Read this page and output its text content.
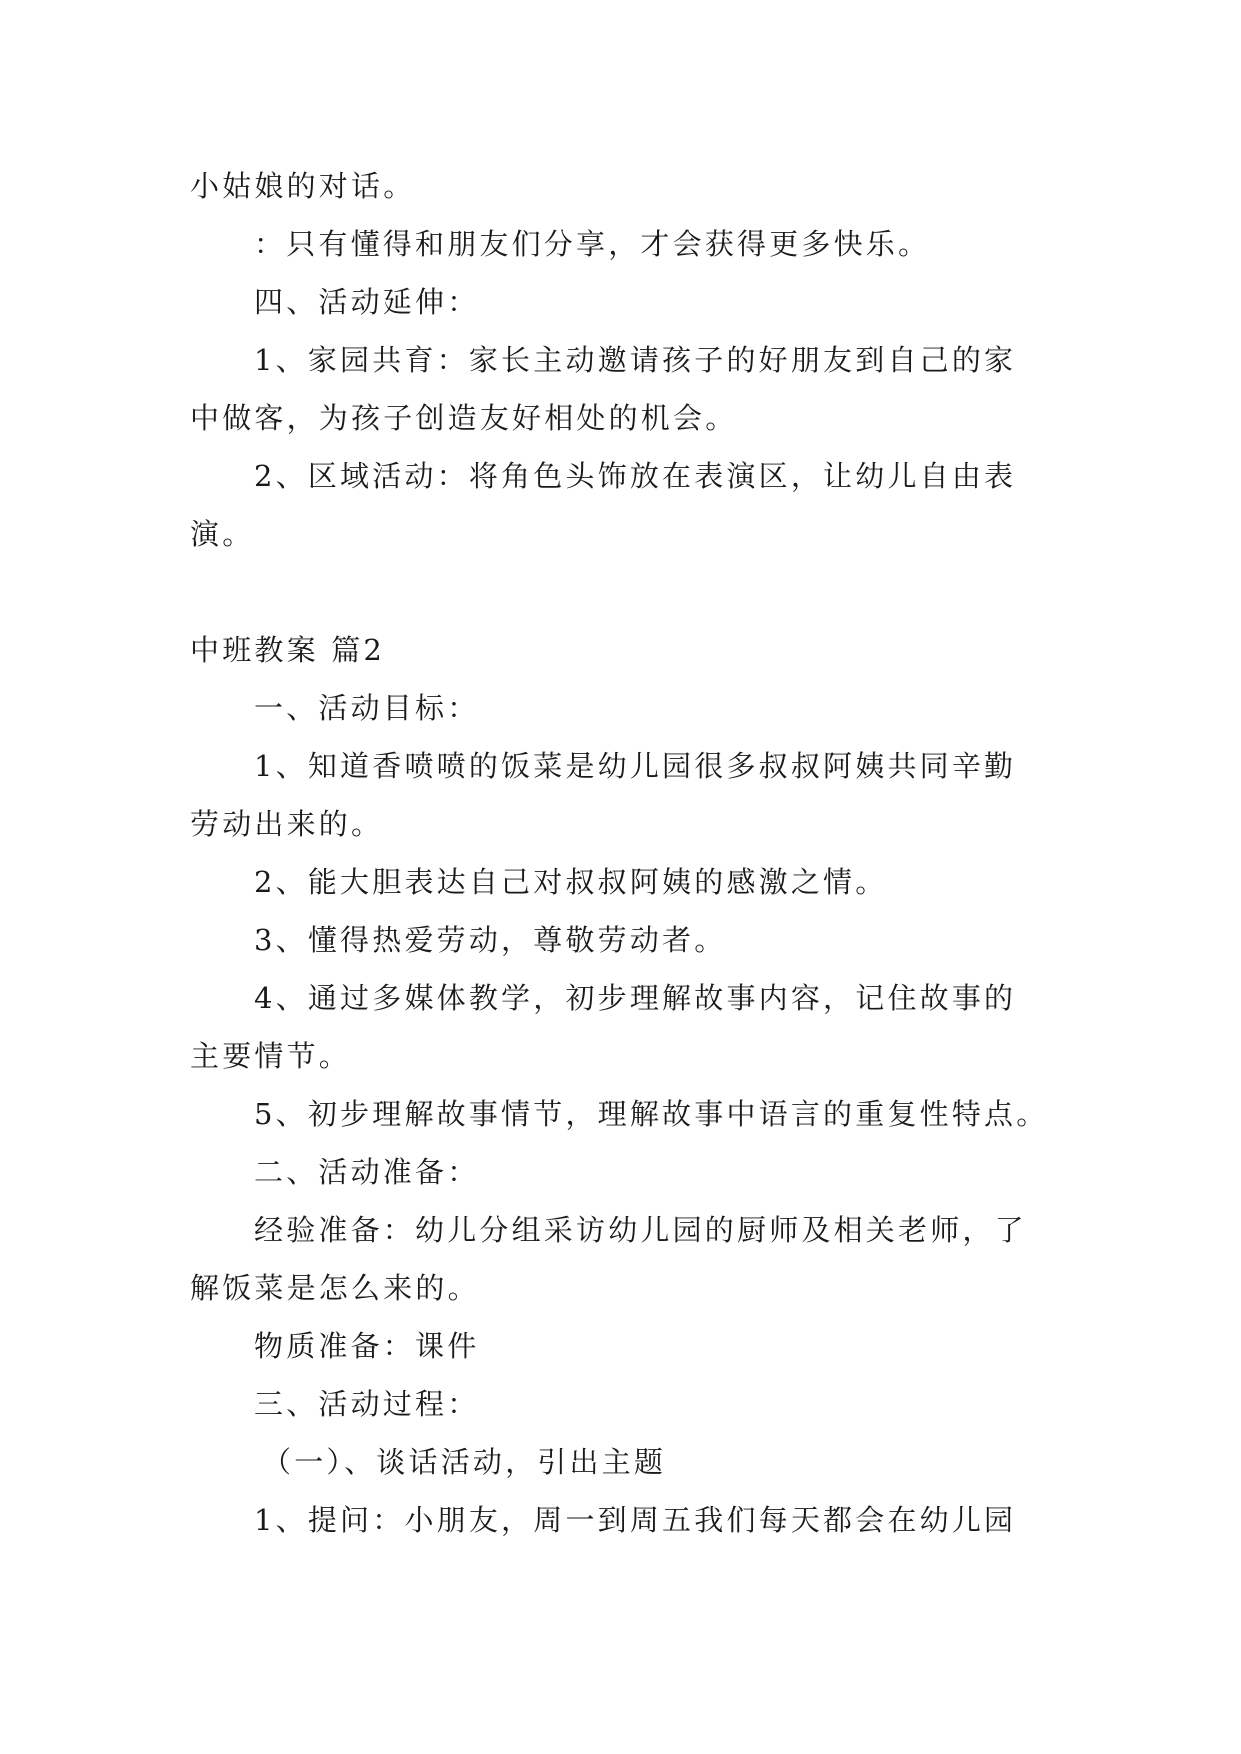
小姑娘的对话。
：只有懂得和朋友们分享，才会获得更多快乐。
四、活动延伸：
1、家园共育：家长主动邀请孩子的好朋友到自己的家
中做客，为孩子创造友好相处的机会。
2、区域活动：将角色头饰放在表演区，让幼儿自由表
演。
中班教案 篇2
一、活动目标：
1、知道香喷喷的饭菜是幼儿园很多叔叔阿姨共同辛勤
劳动出来的。
2、能大胆表达自己对叔叔阿姨的感激之情。
3、懂得热爱劳动，尊敬劳动者。
4、通过多媒体教学，初步理解故事内容，记住故事的
主要情节。
5、初步理解故事情节，理解故事中语言的重复性特点。
二、活动准备：
经验准备：幼儿分组采访幼儿园的厨师及相关老师，了
解饭菜是怎么来的。
物质准备：课件
三、活动过程：
（一）、谈话活动，引出主题
1、提问：小朋友，周一到周五我们每天都会在幼儿园
